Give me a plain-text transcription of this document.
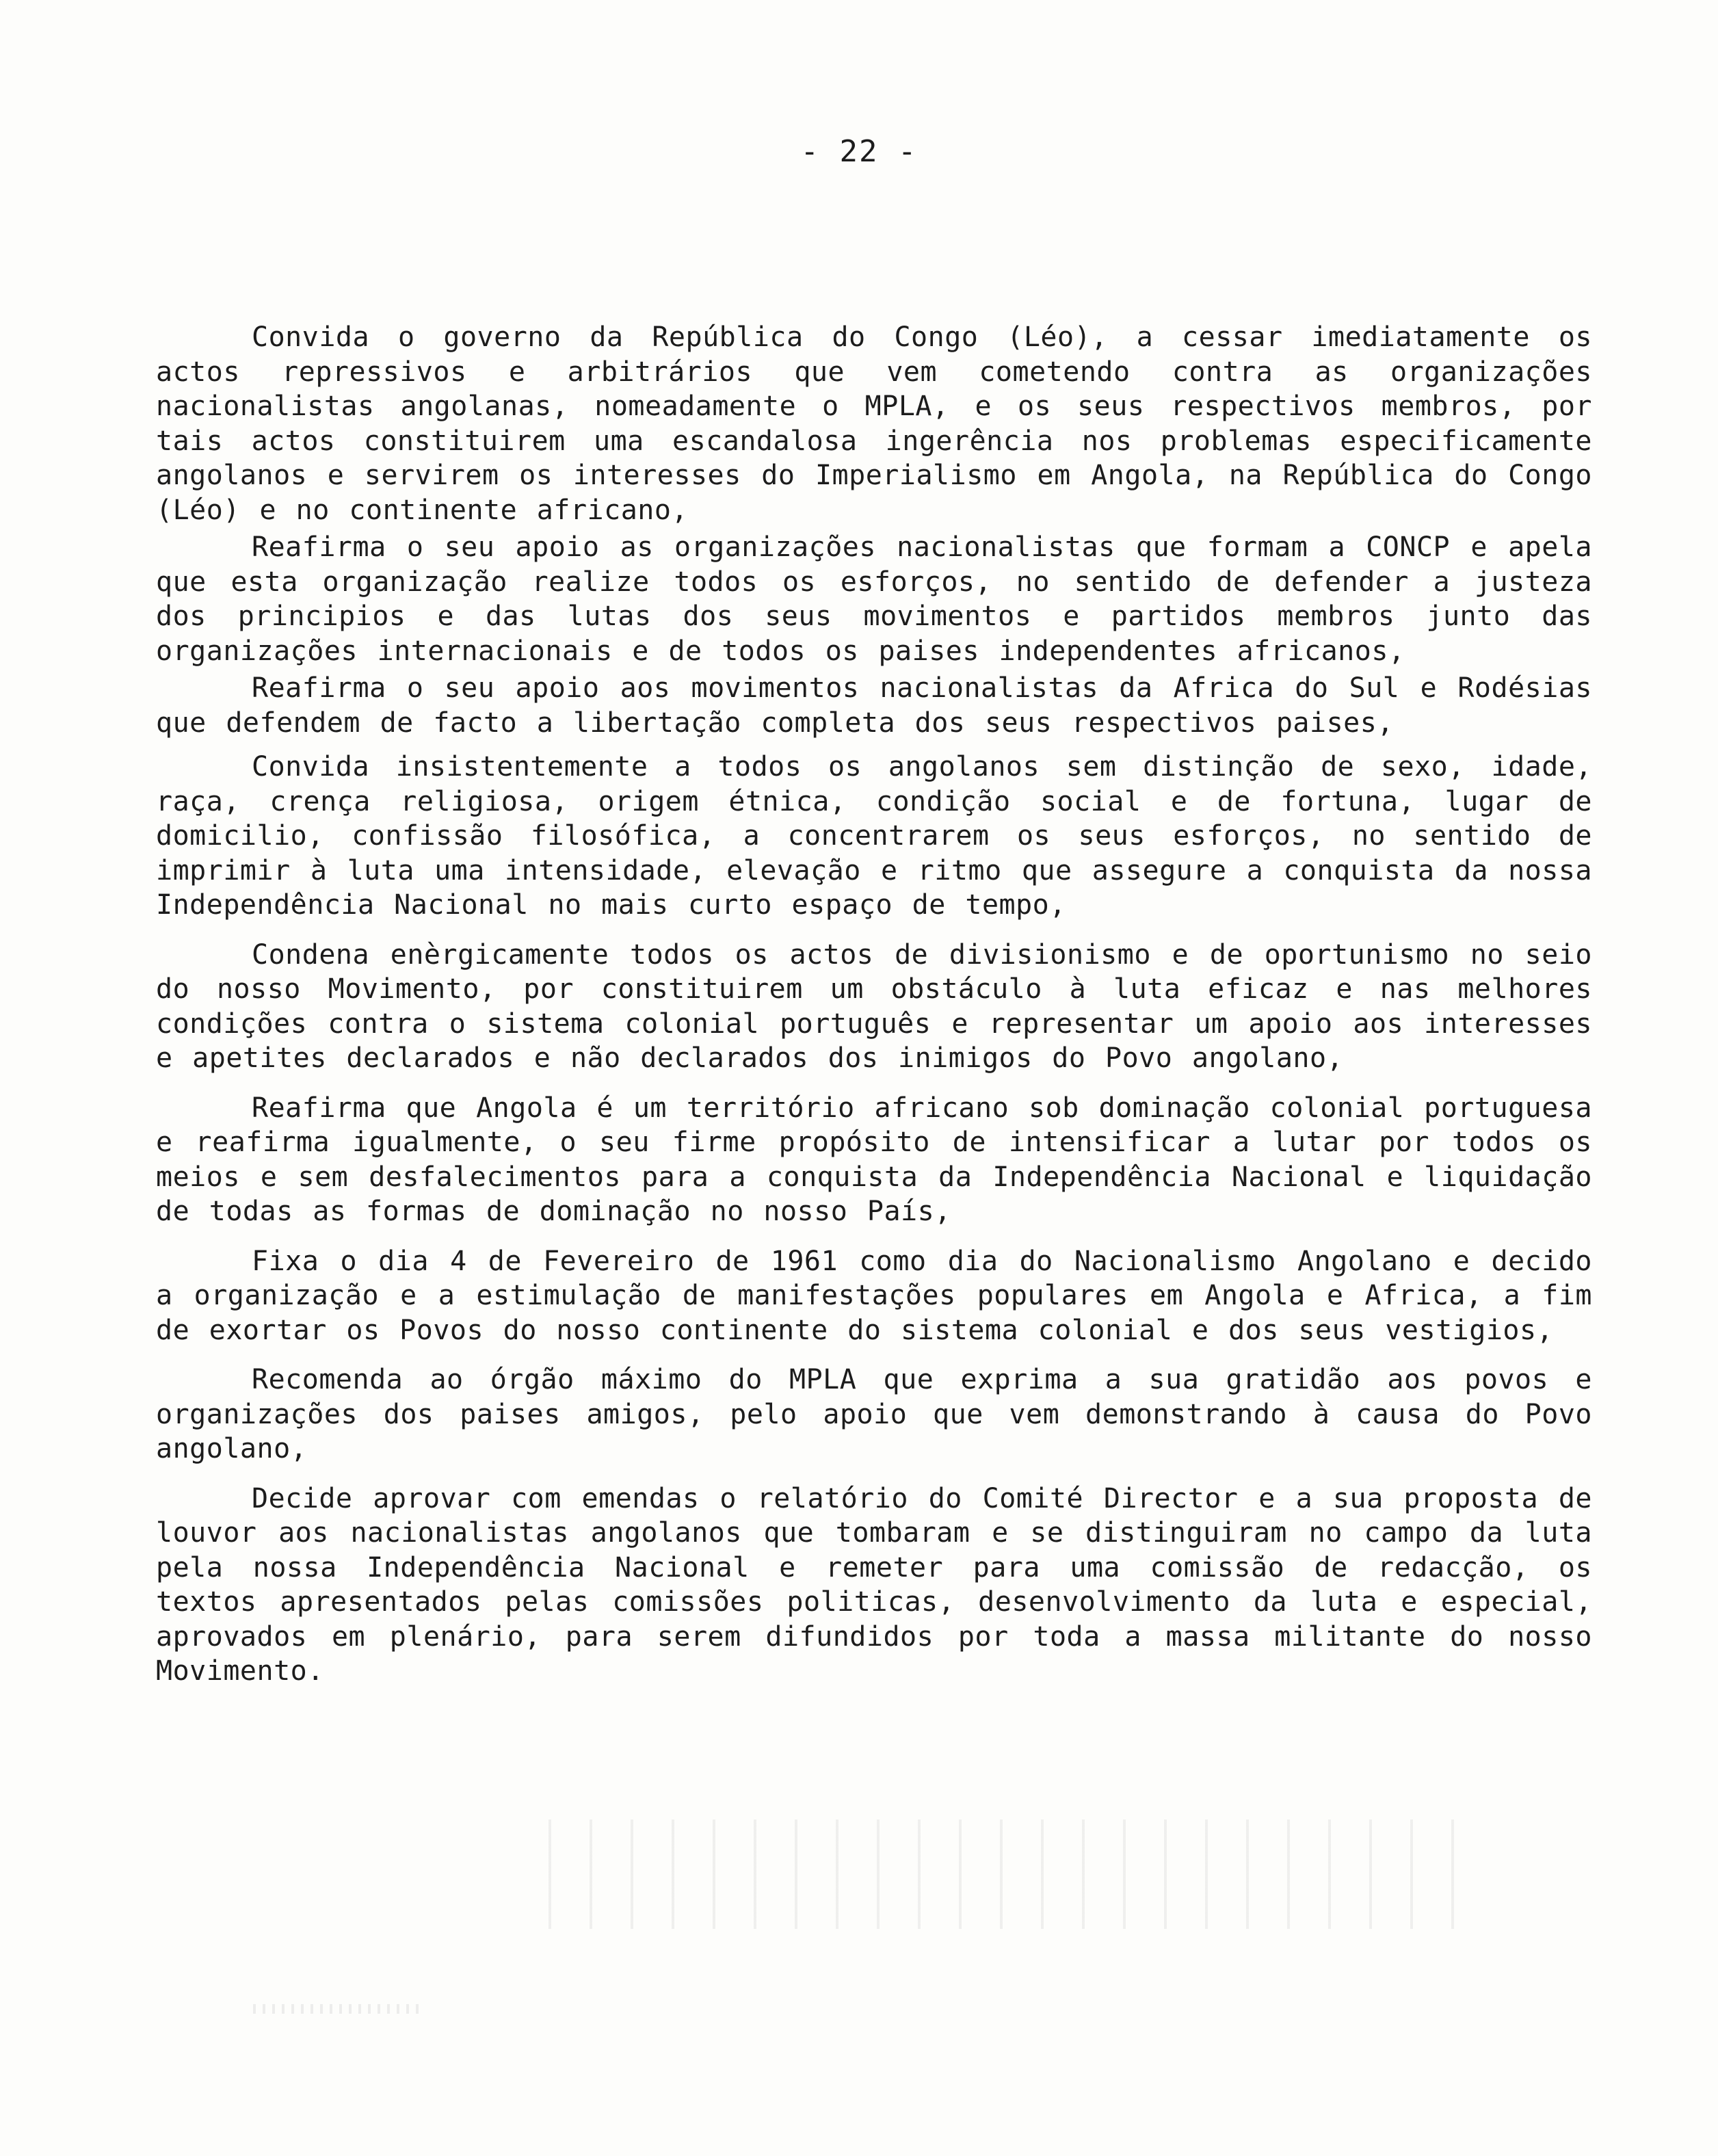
- 22 -

Convida o governo da República do Congo (Léo), a cessar imediatamente os actos repressivos e arbitrários que vem cometendo contra as organizações nacionalistas angolanas, nomeadamente o MPLA, e os seus respectivos membros, por tais actos constituirem uma escandalosa ingerência nos problemas especificamente angolanos e servirem os interesses do Imperialismo em Angola, na República do Congo (Léo) e no continente africano,

Reafirma o seu apoio as organizações nacionalistas que formam a CONCP e apela que esta organização realize todos os esforços, no sentido de defender a justeza dos principios e das lutas dos seus movimentos e partidos membros junto das organizações internacionais e de todos os paises independentes africanos,

Reafirma o seu apoio aos movimentos nacionalistas da Africa do Sul e Rodésias que defendem de facto a libertação completa dos seus respectivos paises,

Convida insistentemente a todos os angolanos sem distinção de sexo, idade, raça, crença religiosa, origem étnica, condição social e de fortuna, lugar de domicilio, confissão filosófica, a concentrarem os seus esforços, no sentido de imprimir à luta uma intensidade, elevação e ritmo que assegure a conquista da nossa Independência Nacional no mais curto espaço de tempo,

Condena enèrgicamente todos os actos de divisionismo e de oportunismo no seio do nosso Movimento, por constituirem um obstáculo à luta eficaz e nas melhores condições contra o sistema colonial português e representar um apoio aos interesses e apetites declarados e não declarados dos inimigos do Povo angolano,

Reafirma que Angola é um território africano sob dominação colonial portuguesa e reafirma igualmente, o seu firme propósito de intensificar a lutar por todos os meios e sem desfalecimentos para a conquista da Independência Nacional e liquidação de todas as formas de dominação no nosso País,

Fixa o dia 4 de Fevereiro de 1961 como dia do Nacionalismo Angolano e decido a organização e a estimulação de manifestações populares em Angola e Africa, a fim de exortar os Povos do nosso continente do sistema colonial e dos seus vestigios,

Recomenda ao órgão máximo do MPLA que exprima a sua gratidão aos povos e organizações dos paises amigos, pelo apoio que vem demonstrando à causa do Povo angolano,

Decide aprovar com emendas o relatório do Comité Director e a sua proposta de louvor aos nacionalistas angolanos que tombaram e se distinguiram no campo da luta pela nossa Independência Nacional e remeter para uma comissão de redacção, os textos apresentados pelas comissões politicas, desenvolvimento da luta e especial, aprovados em plenário, para serem difundidos por toda a massa militante do nosso Movimento.
